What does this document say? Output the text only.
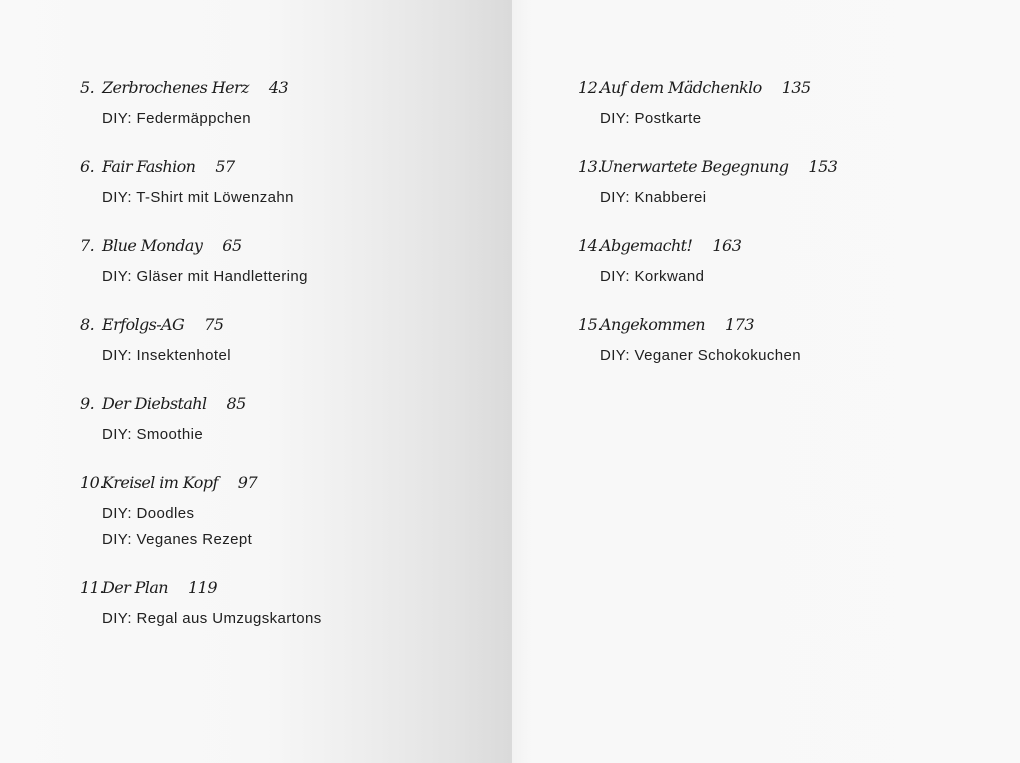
5. Zerbrochenes Herz 43
DIY: Federmäppchen
6. Fair Fashion 57
DIY: T-Shirt mit Löwenzahn
7. Blue Monday 65
DIY: Gläser mit Handlettering
8. Erfolgs-AG 75
DIY: Insektenhotel
9. Der Diebstahl 85
DIY: Smoothie
10.
Kreisel im Kopf 97
DIY: Doodles
DIY: Veganes Rezept
11.
Der Plan 119
DIY: Regal aus Umzugskartons
12.
Auf dem Mädchenklo 135
DIY: Postkarte
13.
Unerwartete Begegnung 153
DIY: Knabberei
14.
Abgemacht! 163
DIY: Korkwand
15.
Angekommen 173
DIY: Veganer Schokokuchen
